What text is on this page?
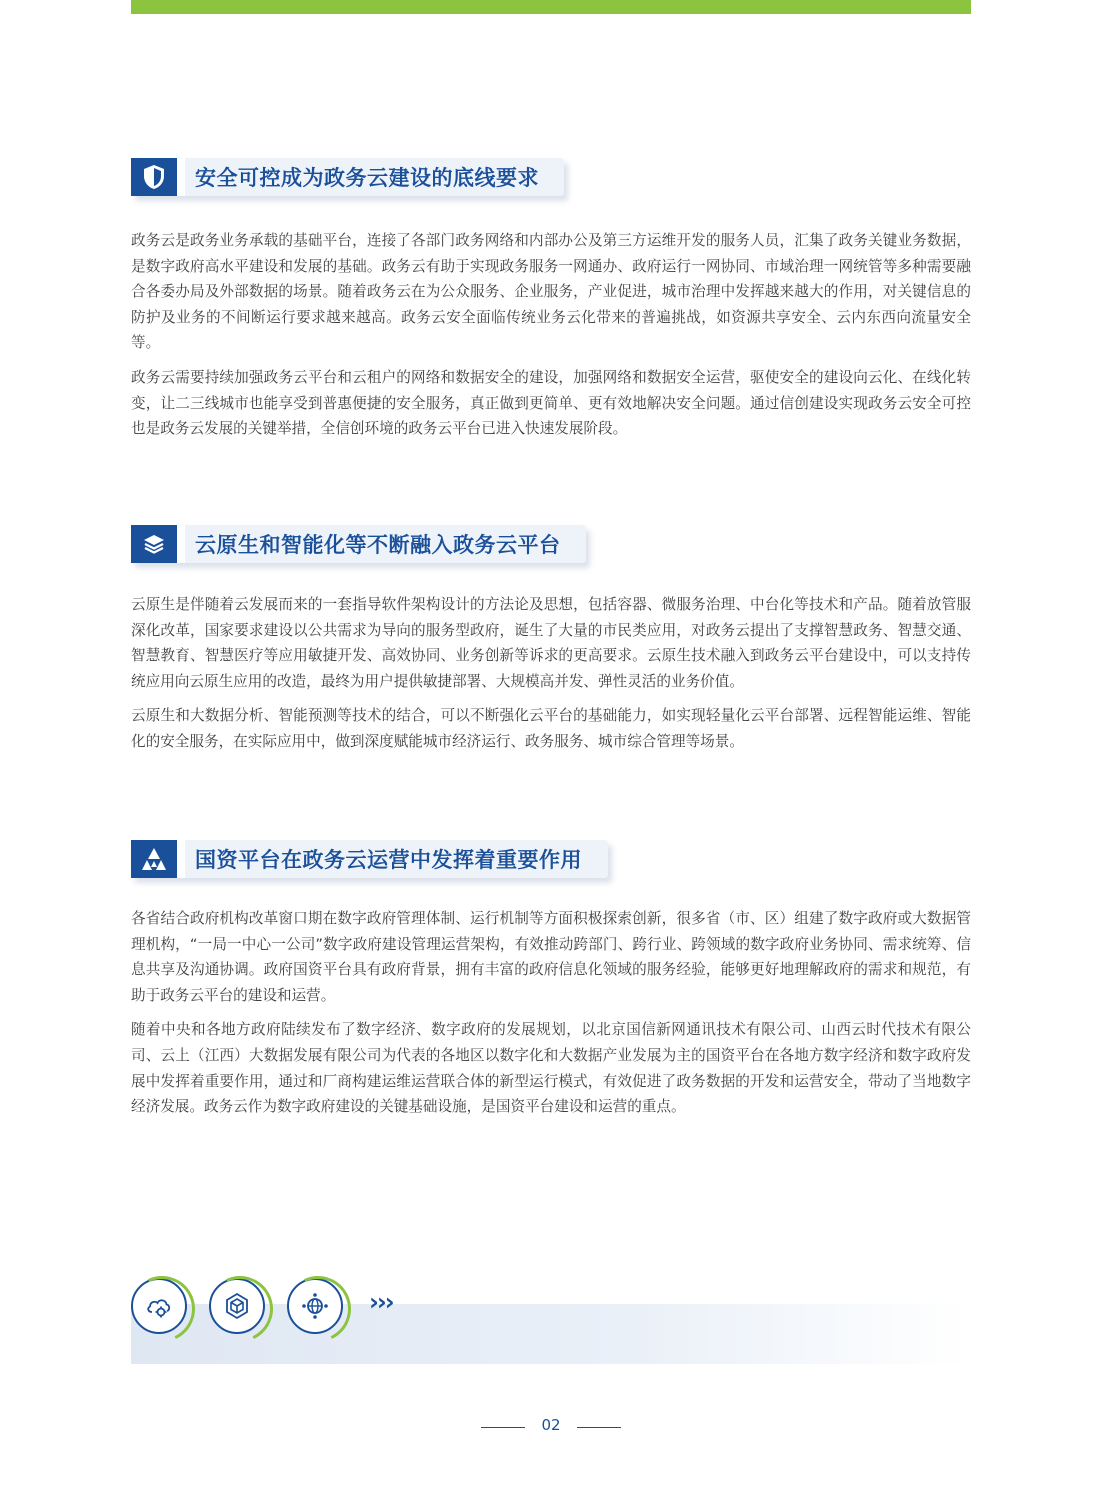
安全可控成为政务云建设的底线要求

政务云是政务业务承载的基础平台，连接了各部门政务网络和内部办公及第三方运维开发的服务人员，汇集了政务关键业务数据，是数字政府高水平建设和发展的基础。政务云有助于实现政务服务一网通办、政府运行一网协同、市域治理一网统管等多种需要融合各委办局及外部数据的场景。随着政务云在为公众服务、企业服务，产业促进，城市治理中发挥越来越大的作用，对关键信息的防护及业务的不间断运行要求越来越高。政务云安全面临传统业务云化带来的普遍挑战，如资源共享安全、云内东西向流量安全等。

政务云需要持续加强政务云平台和云租户的网络和数据安全的建设，加强网络和数据安全运营，驱使安全的建设向云化、在线化转变，让二三线城市也能享受到普惠便捷的安全服务，真正做到更简单、更有效地解决安全问题。通过信创建设实现政务云安全可控也是政务云发展的关键举措，全信创环境的政务云平台已进入快速发展阶段。

云原生和智能化等不断融入政务云平台

云原生是伴随着云发展而来的一套指导软件架构设计的方法论及思想，包括容器、微服务治理、中台化等技术和产品。随着放管服深化改革，国家要求建设以公共需求为导向的服务型政府，诞生了大量的市民类应用，对政务云提出了支撑智慧政务、智慧交通、智慧教育、智慧医疗等应用敏捷开发、高效协同、业务创新等诉求的更高要求。云原生技术融入到政务云平台建设中，可以支持传统应用向云原生应用的改造，最终为用户提供敏捷部署、大规模高并发、弹性灵活的业务价值。

云原生和大数据分析、智能预测等技术的结合，可以不断强化云平台的基础能力，如实现轻量化云平台部署、远程智能运维、智能化的安全服务，在实际应用中，做到深度赋能城市经济运行、政务服务、城市综合管理等场景。

国资平台在政务云运营中发挥着重要作用

各省结合政府机构改革窗口期在数字政府管理体制、运行机制等方面积极探索创新，很多省（市、区）组建了数字政府或大数据管理机构，“一局一中心一公司”数字政府建设管理运营架构，有效推动跨部门、跨行业、跨领域的数字政府业务协同、需求统筹、信息共享及沟通协调。政府国资平台具有政府背景，拥有丰富的政府信息化领域的服务经验，能够更好地理解政府的需求和规范，有助于政务云平台的建设和运营。

随着中央和各地方政府陆续发布了数字经济、数字政府的发展规划，以北京国信新网通讯技术有限公司、山西云时代技术有限公司、云上（江西）大数据发展有限公司为代表的各地区以数字化和大数据产业发展为主的国资平台在各地方数字经济和数字政府发展中发挥着重要作用，通过和厂商构建运维运营联合体的新型运行模式，有效促进了政务数据的开发和运营安全，带动了当地数字经济发展。政务云作为数字政府建设的关键基础设施，是国资平台建设和运营的重点。

›››
02
